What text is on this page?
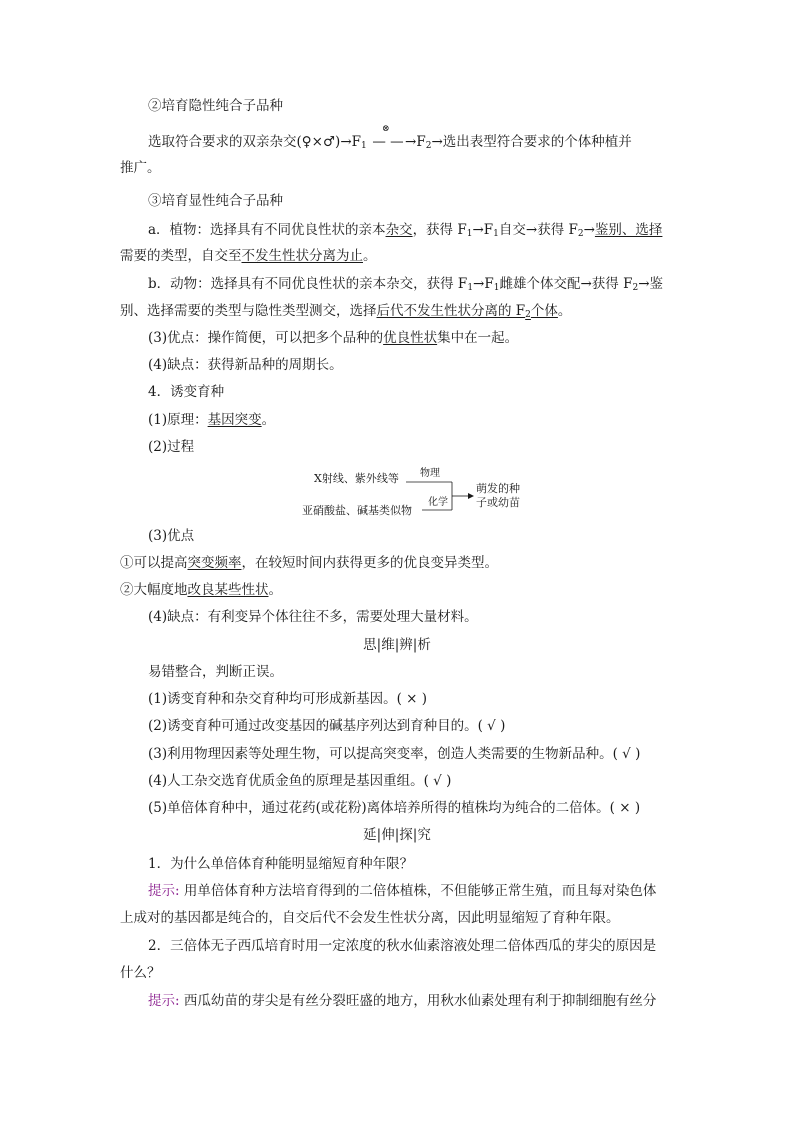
②培育隐性纯合子品种
选取符合要求的双亲杂交$(♀\times♂)\to F_1$
⊗
— $—\to F_2\to$选出表型符合要求的个体种植并
推广。
③培育显性纯合子品种
a．植物：选择具有不同优良性状的亲本杂交，获得 $F_1\to F_1$自交→获得 $F_2\to$鉴别、选择
需要的类型，自交至不发生性状分离为止。
b．动物：选择具有不同优良性状的亲本杂交，获得 $F_1\to F_1$雌雄个体交配→获得 $F_2\to$鉴
别、选择需要的类型与隐性类型测交，选择后代不发生性状分离的 $F_2$个体。
(3)优点：操作简便，可以把多个品种的优良性状集中在一起。
(4)缺点：获得新品种的周期长。
4．诱变育种
(1)原理：基因突变。
(2)过程
X射线、紫外线等 物理
亚硝酸盐、碱基类似物
化学
萌发的种
子或幼苗
(3)优点
①可以提高突变频率，在较短时间内获得更多的优良变异类型。
②大幅度地改良某些性状。
(4)缺点：有利变异个体往往不多，需要处理大量材料。
思|维|辨|析
易错整合，判断正误。
(1)诱变育种和杂交育种均可形成新基因。( × )
(2)诱变育种可通过改变基因的碱基序列达到育种目的。( √ )
(3)利用物理因素等处理生物，可以提高突变率，创造人类需要的生物新品种。( √ )
(4)人工杂交选育优质金鱼的原理是基因重组。( √ )
(5)单倍体育种中，通过花药(或花粉)离体培养所得的植株均为纯合的二倍体。( × )
延|伸|探|究
1．为什么单倍体育种能明显缩短育种年限？
提示: 用单倍体育种方法培育得到的二倍体植株，不但能够正常生殖，而且每对染色体
上成对的基因都是纯合的，自交后代不会发生性状分离，因此明显缩短了育种年限。
2．三倍体无子西瓜培育时用一定浓度的秋水仙素溶液处理二倍体西瓜的芽尖的原因是
什么？
提示: 西瓜幼苗的芽尖是有丝分裂旺盛的地方，用秋水仙素处理有利于抑制细胞有丝分
